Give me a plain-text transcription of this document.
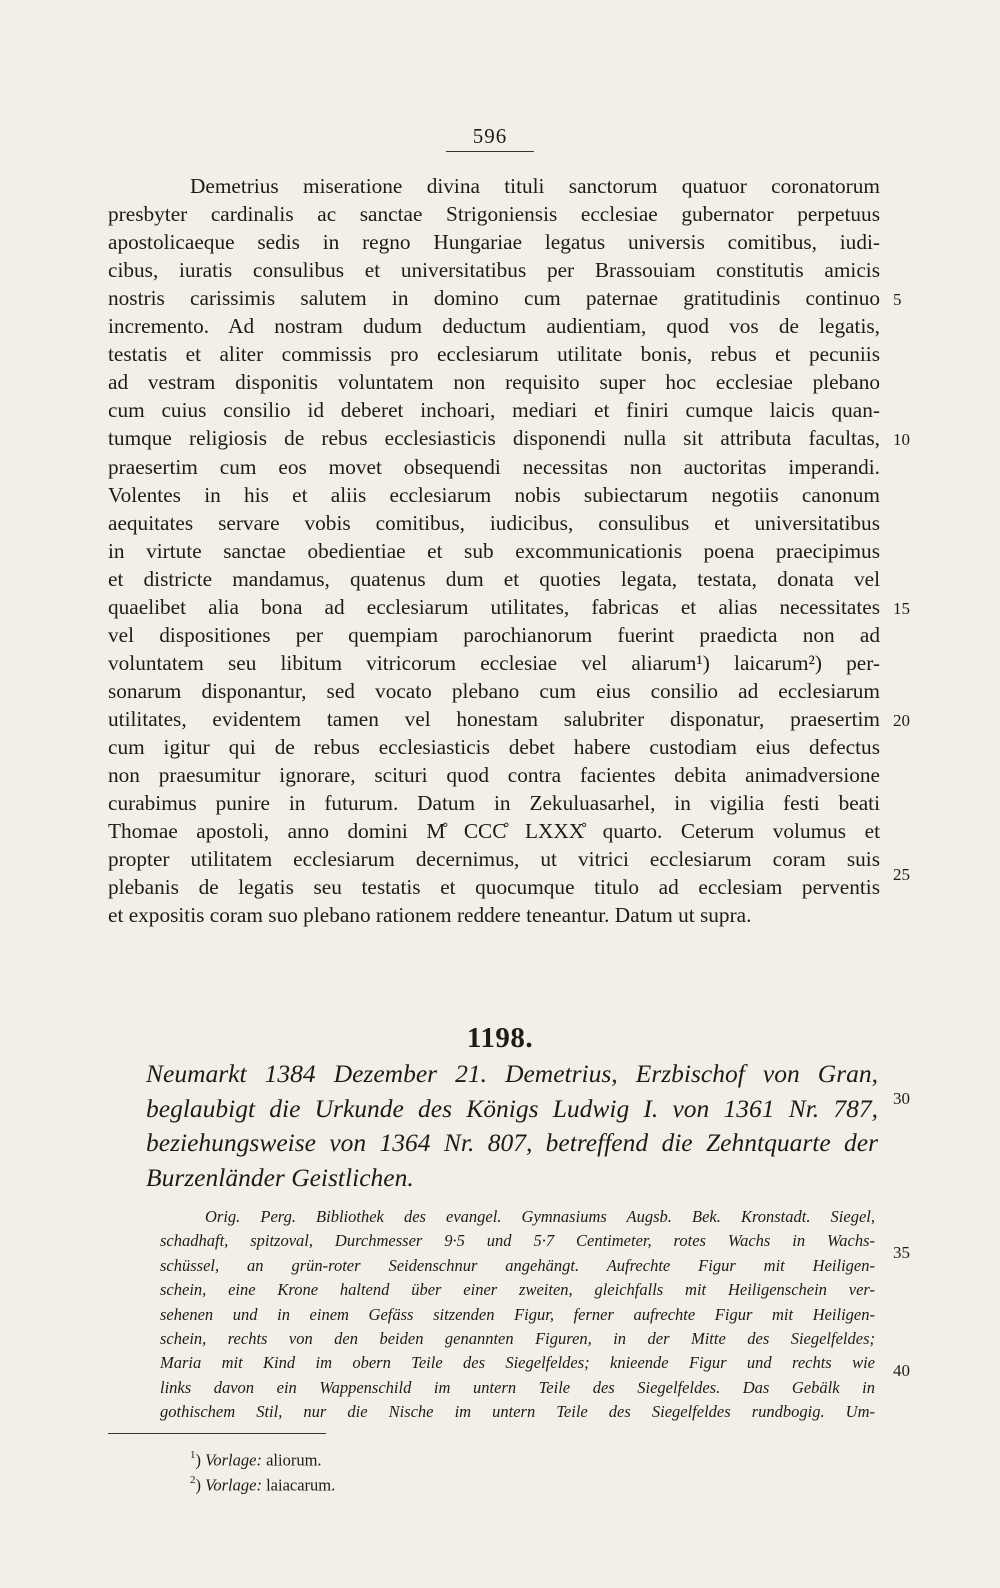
596
Demetrius miseratione divina tituli sanctorum quatuor coronatorum
presbyter cardinalis ac sanctae Strigoniensis ecclesiae gubernator perpetuus
apostolicaeque sedis in regno Hungariae legatus universis comitibus, iudi-
cibus, iuratis consulibus et universitatibus per Brassouiam constitutis amicis
nostris carissimis salutem in domino cum paternae gratitudinis continuo
incremento. Ad nostram dudum deductum audientiam, quod vos de legatis,
testatis et aliter commissis pro ecclesiarum utilitate bonis, rebus et pecuniis
ad vestram disponitis voluntatem non requisito super hoc ecclesiae plebano
cum cuius consilio id deberet inchoari, mediari et finiri cumque laicis quan-
tumque religiosis de rebus ecclesiasticis disponendi nulla sit attributa facultas,
praesertim cum eos movet obsequendi necessitas non auctoritas imperandi.
Volentes in his et aliis ecclesiarum nobis subiectarum negotiis canonum
aequitates servare vobis comitibus, iudicibus, consulibus et universitatibus
in virtute sanctae obedientiae et sub excommunicationis poena praecipimus
et districte mandamus, quatenus dum et quoties legata, testata, donata vel
quaelibet alia bona ad ecclesiarum utilitates, fabricas et alias necessitates
vel dispositiones per quempiam parochianorum fuerint praedicta non ad
voluntatem seu libitum vitricorum ecclesiae vel aliarum¹) laicarum²) per-
sonarum disponantur, sed vocato plebano cum eius consilio ad ecclesiarum
utilitates, evidentem tamen vel honestam salubriter disponatur, praesertim
cum igitur qui de rebus ecclesiasticis debet habere custodiam eius defectus
non praesumitur ignorare, scituri quod contra facientes debita animadversione
curabimus punire in futurum. Datum in Zekuluasarhel, in vigilia festi beati
Thomae apostoli, anno domini M̊ CCC̊ LXXX̊ quarto. Ceterum volumus et
propter utilitatem ecclesiarum decernimus, ut vitrici ecclesiarum coram suis
plebanis de legatis seu testatis et quocumque titulo ad ecclesiam perventis
et expositis coram suo plebano rationem reddere teneantur. Datum ut supra.
5
10
15
20
25
30
35
40
1198.
Neumarkt 1384 Dezember 21. Demetrius, Erzbischof von Gran,
beglaubigt die Urkunde des Königs Ludwig I. von 1361 Nr. 787,
beziehungsweise von 1364 Nr. 807, betreffend die Zehntquarte der
Burzenländer Geistlichen.
Orig. Perg. Bibliothek des evangel. Gymnasiums Augsb. Bek. Kronstadt. Siegel,
schadhaft, spitzoval, Durchmesser 9·5 und 5·7 Centimeter, rotes Wachs in Wachs-
schüssel, an grün-roter Seidenschnur angehängt. Aufrechte Figur mit Heiligen-
schein, eine Krone haltend über einer zweiten, gleichfalls mit Heiligenschein ver-
sehenen und in einem Gefäss sitzenden Figur, ferner aufrechte Figur mit Heiligen-
schein, rechts von den beiden genannten Figuren, in der Mitte des Siegelfeldes;
Maria mit Kind im obern Teile des Siegelfeldes; knieende Figur und rechts wie
links davon ein Wappenschild im untern Teile des Siegelfeldes. Das Gebälk in
gothischem Stil, nur die Nische im untern Teile des Siegelfeldes rundbogig. Um-
$^1$) Vorlage: aliorum.
$^2$) Vorlage: laiacarum.
